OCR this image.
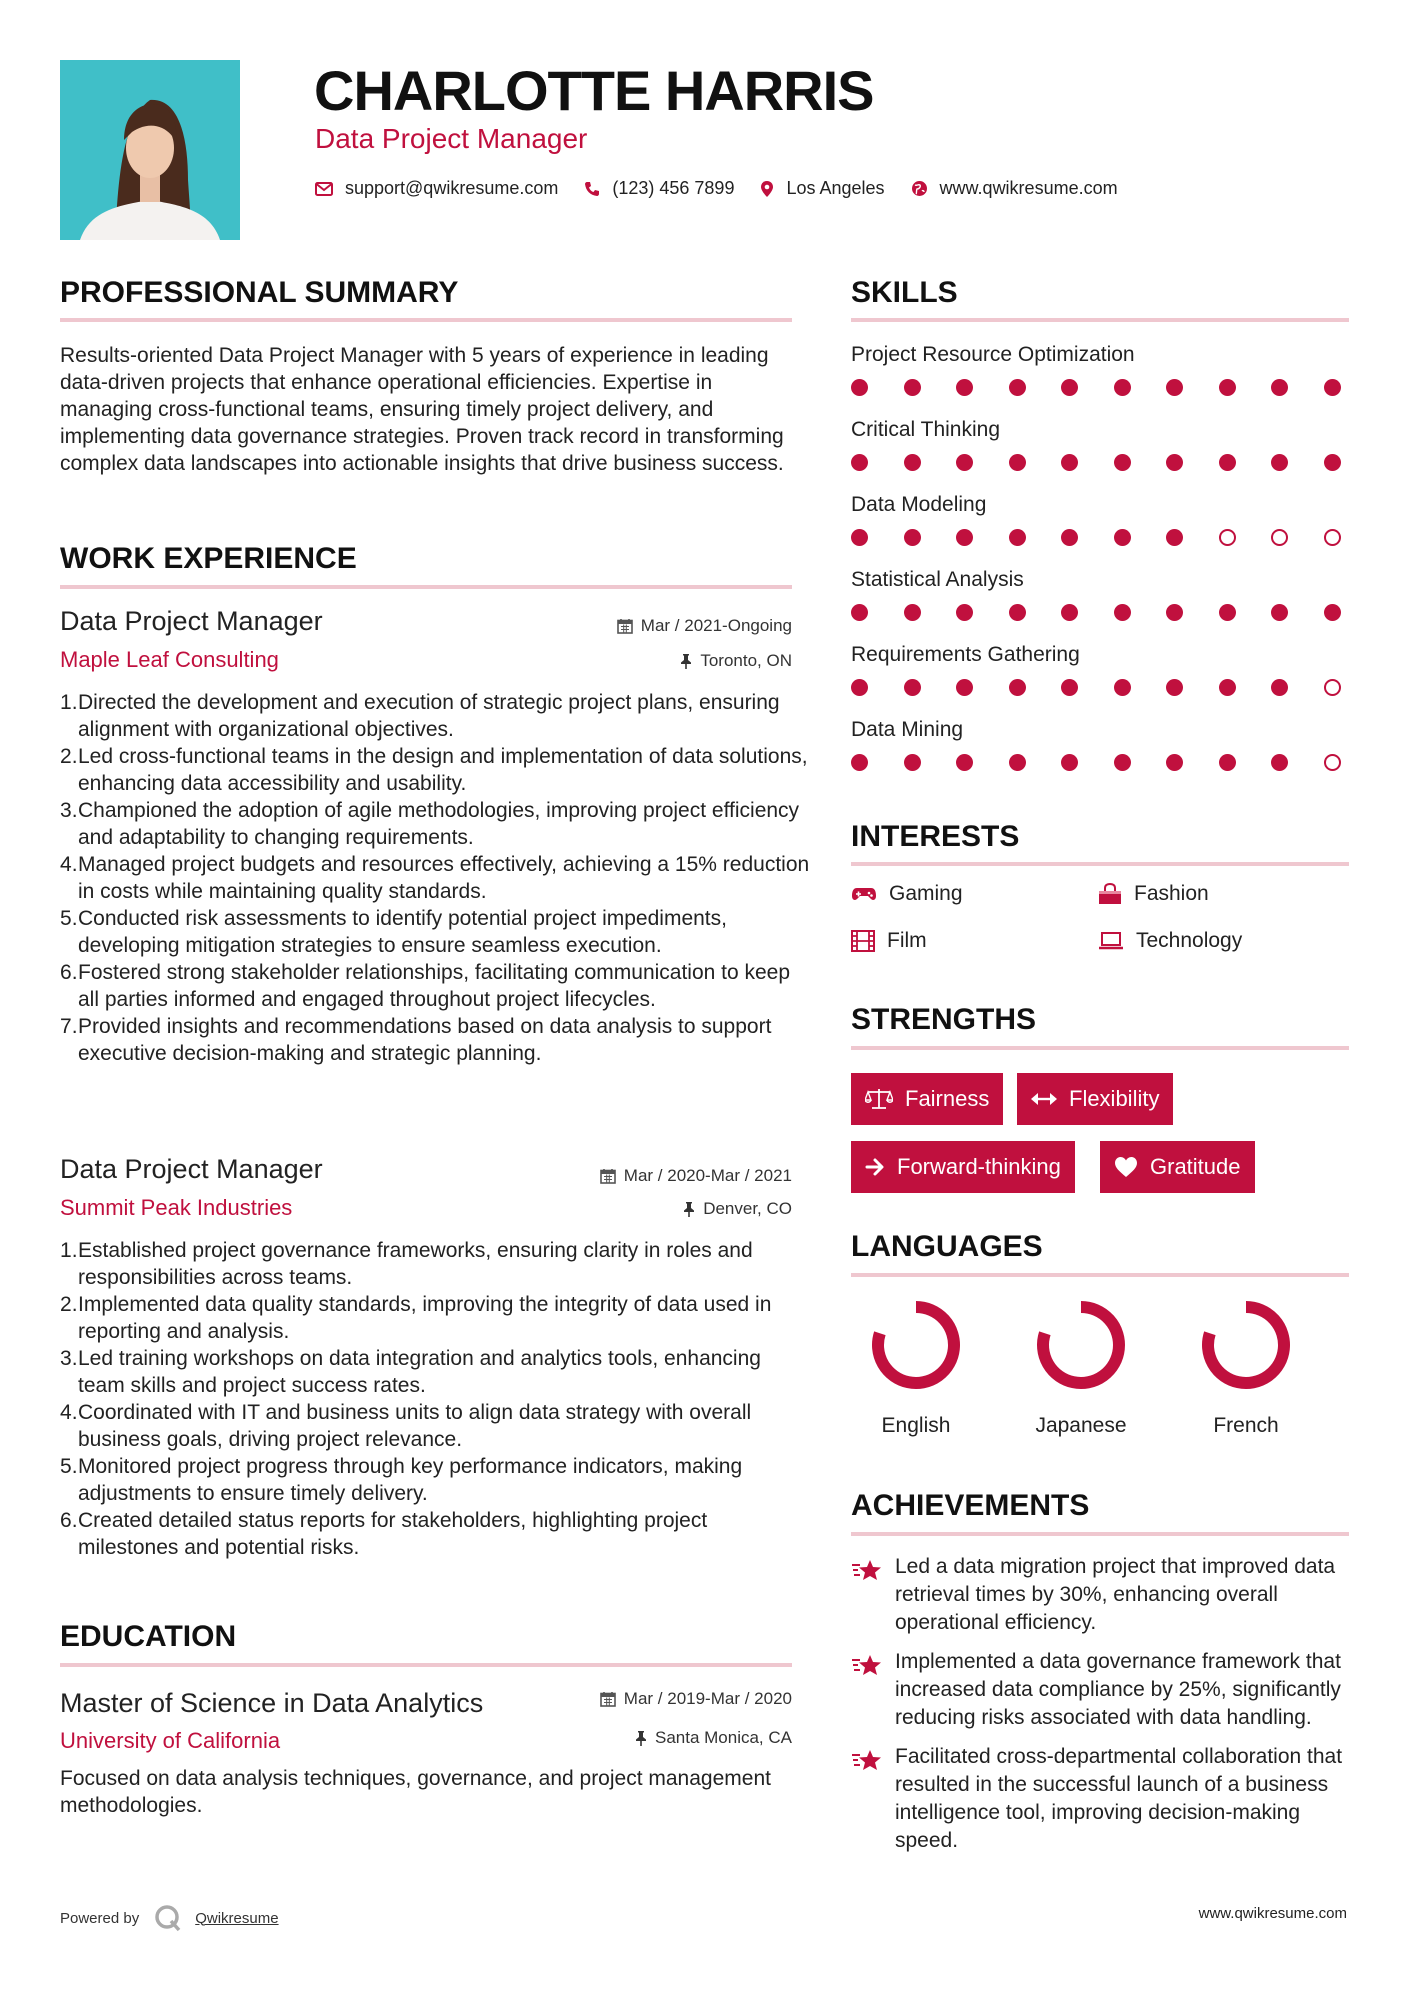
CHARLOTTE HARRIS
Data Project Manager
support@qwikresume.com	(123) 456 7899	Los Angeles	www.qwikresume.com
PROFESSIONAL SUMMARY
Results-oriented Data Project Manager with 5 years of experience in leading data-driven projects that enhance operational efficiencies. Expertise in managing cross-functional teams, ensuring timely project delivery, and implementing data governance strategies. Proven track record in transforming complex data landscapes into actionable insights that drive business success.
WORK EXPERIENCE
Data Project Manager	Mar / 2021-Ongoing
Maple Leaf Consulting	Toronto, ON
Directed the development and execution of strategic project plans, ensuring alignment with organizational objectives.
Led cross-functional teams in the design and implementation of data solutions, enhancing data accessibility and usability.
Championed the adoption of agile methodologies, improving project efficiency and adaptability to changing requirements.
Managed project budgets and resources effectively, achieving a 15% reduction in costs while maintaining quality standards.
Conducted risk assessments to identify potential project impediments, developing mitigation strategies to ensure seamless execution.
Fostered strong stakeholder relationships, facilitating communication to keep all parties informed and engaged throughout project lifecycles.
Provided insights and recommendations based on data analysis to support executive decision-making and strategic planning.
Data Project Manager	Mar / 2020-Mar / 2021
Summit Peak Industries	Denver, CO
Established project governance frameworks, ensuring clarity in roles and responsibilities across teams.
Implemented data quality standards, improving the integrity of data used in reporting and analysis.
Led training workshops on data integration and analytics tools, enhancing team skills and project success rates.
Coordinated with IT and business units to align data strategy with overall business goals, driving project relevance.
Monitored project progress through key performance indicators, making adjustments to ensure timely delivery.
Created detailed status reports for stakeholders, highlighting project milestones and potential risks.
EDUCATION
Master of Science in Data Analytics	Mar / 2019-Mar / 2020
University of California	Santa Monica, CA
Focused on data analysis techniques, governance, and project management methodologies.
SKILLS
Project Resource Optimization
Critical Thinking
Data Modeling
Statistical Analysis
Requirements Gathering
Data Mining
INTERESTS
Gaming	Fashion
Film	Technology
STRENGTHS
Fairness	Flexibility
Forward-thinking	Gratitude
LANGUAGES
English	Japanese	French
ACHIEVEMENTS
Led a data migration project that improved data retrieval times by 30%, enhancing overall operational efficiency.
Implemented a data governance framework that increased data compliance by 25%, significantly reducing risks associated with data handling.
Facilitated cross-departmental collaboration that resulted in the successful launch of a business intelligence tool, improving decision-making speed.
Powered by	Qwikresume	www.qwikresume.com
